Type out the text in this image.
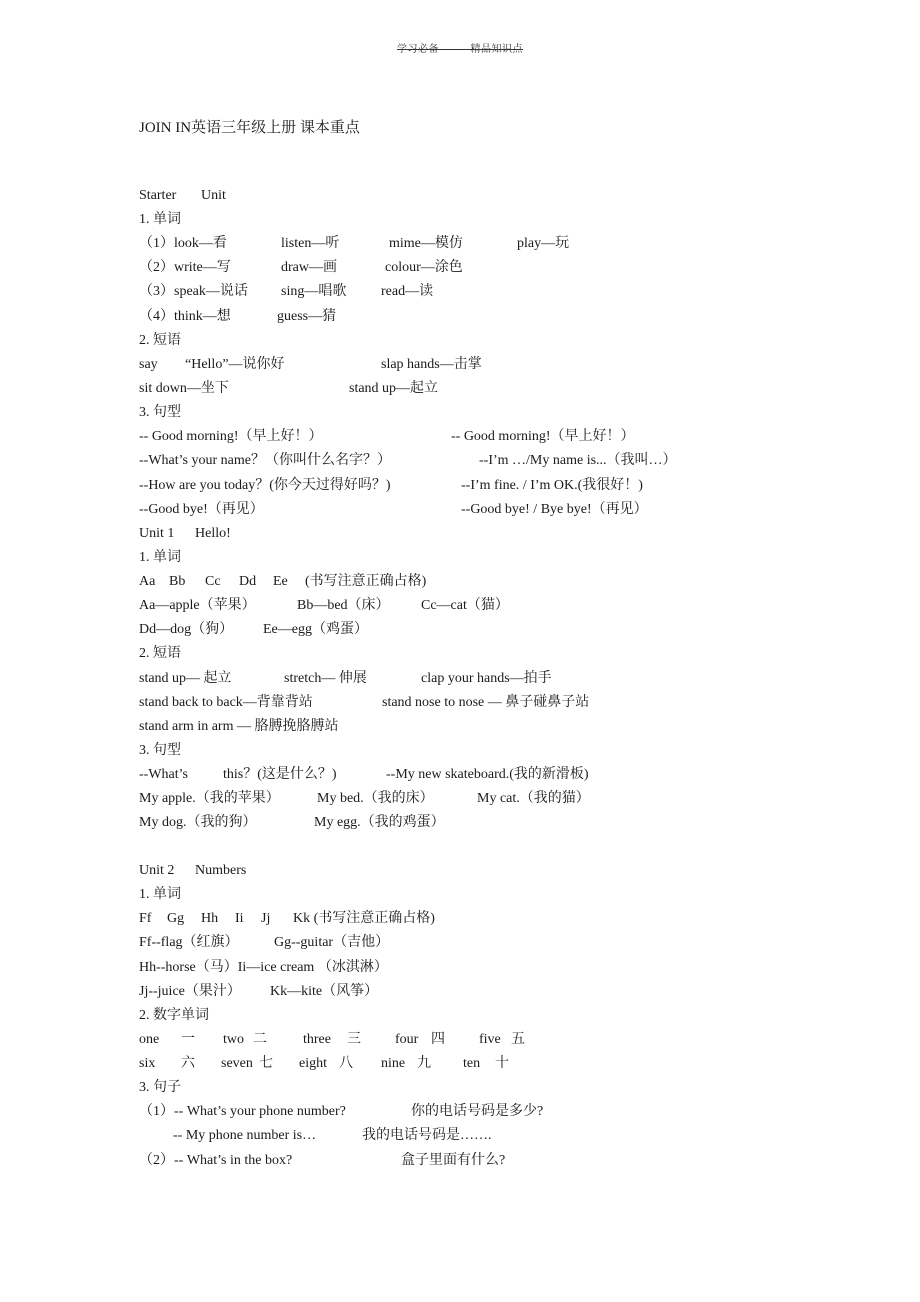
学习必备———精品知识点
JOIN IN英语三年级上册 课本重点
Starter Unit
1. 单词
（1）look—看	listen—听	mime—模仿	play—玩
（2）write—写	draw—画	colour—涂色
（3）speak—说话 sing—唱歌 read—读
（4）think—想	guess—猜
2. 短语
say “Hello”—说你好	slap hands—击掌
sit down—坐下	stand up—起立
3. 句型
-- Good morning!（早上好！）	-- Good morning!（早上好！）
--What’s your name？（你叫什么名字？）	--I’m …/My name is...（我叫…）
--How are you today？(你今天过得好吗？)	--I’m fine. / I’m OK.(我很好！)
--Good bye!（再见）	--Good bye! / Bye bye!（再见）
Unit 1 Hello!
1. 单词
Aa Bb Cc Dd Ee (书写注意正确占格)
Aa—apple（苹果）	Bb—bed（床） Cc—cat（猫）
Dd—dog（狗） Ee—egg（鸡蛋）
2. 短语
stand up— 起立	stretch— 伸展	clap your hands—拍手
stand back to back—背靠背站	stand nose to nose — 鼻子碰鼻子站
stand arm in arm — 胳膊挽胳膊站
3. 句型
--What’s	this？(这是什么？)	--My new skateboard.(我的新滑板)
My apple.（我的苹果）	My bed.（我的床）	My cat.（我的猫）
My dog.（我的狗）	My egg.（我的鸡蛋）
Unit 2 Numbers
1. 单词
Ff Gg Hh Ii Jj Kk (书写注意正确占格)
Ff--flag（红旗）	Gg--guitar（吉他）
Hh--horse（马）Ii—ice cream （冰淇淋）
Jj--juice（果汁） Kk—kite（风筝）
2. 数字单词
one 一 two 二	three 三 four 四 five 五
six 六 seven 七 eight 八 nine 九 ten 十
3. 句子
（1）-- What’s your phone number?	你的电话号码是多少?
-- My phone number is…	我的电话号码是…….
（2）-- What’s in the box?	盒子里面有什么?
